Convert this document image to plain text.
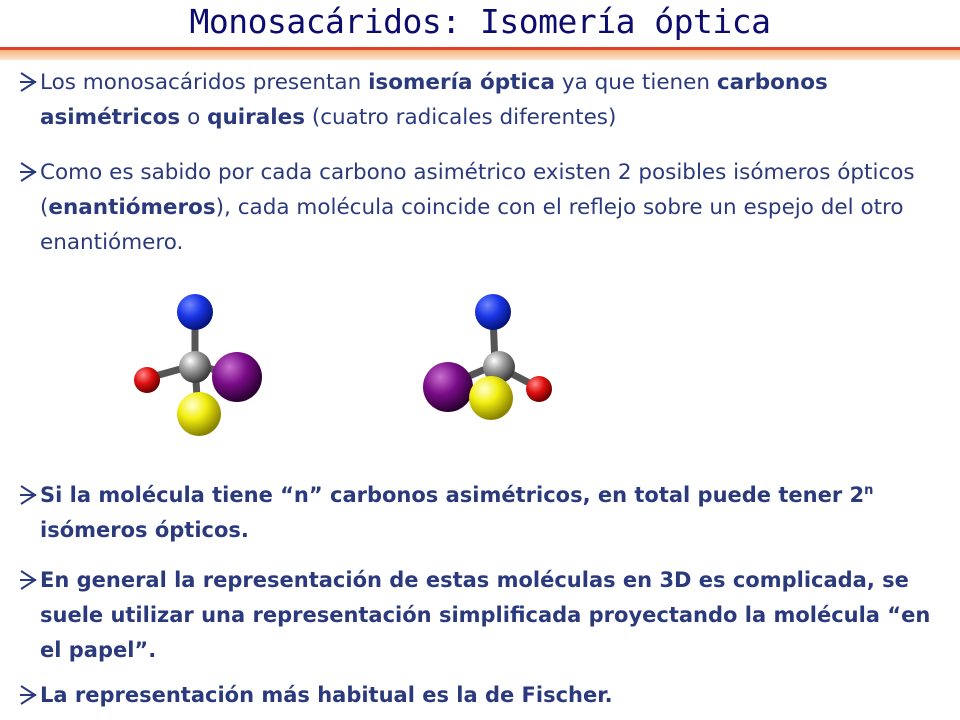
Monosacáridos: Isomería óptica
Los monosacáridos presentan isomería óptica ya que tienen carbonos asimétricos o quirales (cuatro radicales diferentes)
Como es sabido por cada carbono asimétrico existen 2 posibles isómeros ópticos (enantiómeros), cada molécula coincide con el reflejo sobre un espejo del otro enantiómero.
Si la molécula tiene “n” carbonos asimétricos, en total puede tener 2$^n$ isómeros ópticos.
En general la representación de estas moléculas en 3D es complicada, se suele utilizar una representación simplificada proyectando la molécula “en el papel”.
La representación más habitual es la de Fischer.
